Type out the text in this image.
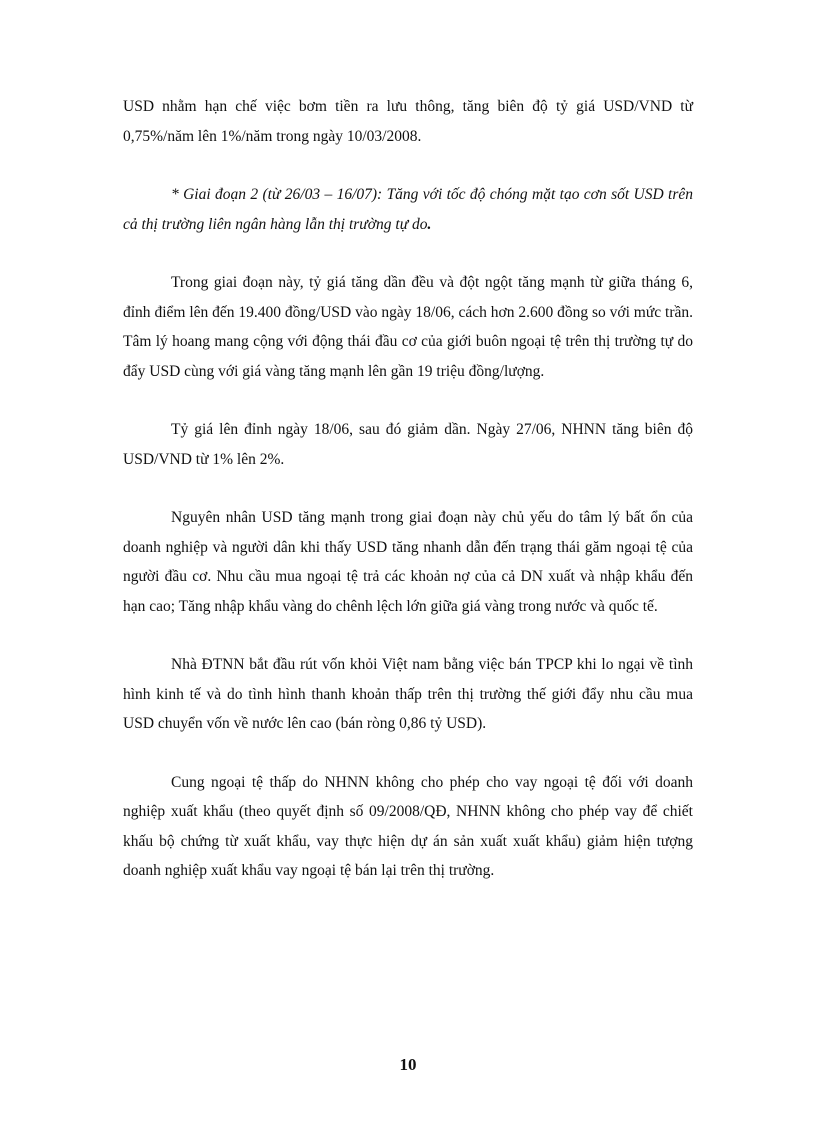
USD nhằm hạn chế việc bơm tiền ra lưu thông, tăng biên độ tỷ giá USD/VND từ 0,75%/năm lên 1%/năm trong ngày 10/03/2008.

* Giai đoạn 2 (từ 26/03 – 16/07): Tăng với tốc độ chóng mặt tạo cơn sốt USD trên cả thị trường liên ngân hàng lẫn thị trường tự do.

Trong giai đoạn này, tỷ giá tăng dần đều và đột ngột tăng mạnh từ giữa tháng 6, đỉnh điểm lên đến 19.400 đồng/USD vào ngày 18/06, cách hơn 2.600 đồng so với mức trần. Tâm lý hoang mang cộng với động thái đầu cơ của giới buôn ngoại tệ trên thị trường tự do đẩy USD cùng với giá vàng tăng mạnh lên gần 19 triệu đồng/lượng.

Tỷ giá lên đỉnh ngày 18/06, sau đó giảm dần. Ngày 27/06, NHNN tăng biên độ USD/VND từ 1% lên 2%.

Nguyên nhân USD tăng mạnh trong giai đoạn này chủ yếu do tâm lý bất ổn của doanh nghiệp và người dân khi thấy USD tăng nhanh dẫn đến trạng thái găm ngoại tệ của người đầu cơ. Nhu cầu mua ngoại tệ trả các khoản nợ của cả DN xuất và nhập khẩu đến hạn cao; Tăng nhập khẩu vàng do chênh lệch lớn giữa giá vàng trong nước và quốc tế.

Nhà ĐTNN bắt đầu rút vốn khỏi Việt nam bằng việc bán TPCP khi lo ngại về tình hình kinh tế và do tình hình thanh khoản thấp trên thị trường thế giới đẩy nhu cầu mua USD chuyển vốn về nước lên cao (bán ròng 0,86 tỷ USD).

Cung ngoại tệ thấp do NHNN không cho phép cho vay ngoại tệ đối với doanh nghiệp xuất khẩu (theo quyết định số 09/2008/QĐ, NHNN không cho phép vay để chiết khấu bộ chứng từ xuất khẩu, vay thực hiện dự án sản xuất xuất khẩu) giảm hiện tượng doanh nghiệp xuất khẩu vay ngoại tệ bán lại trên thị trường.

10
